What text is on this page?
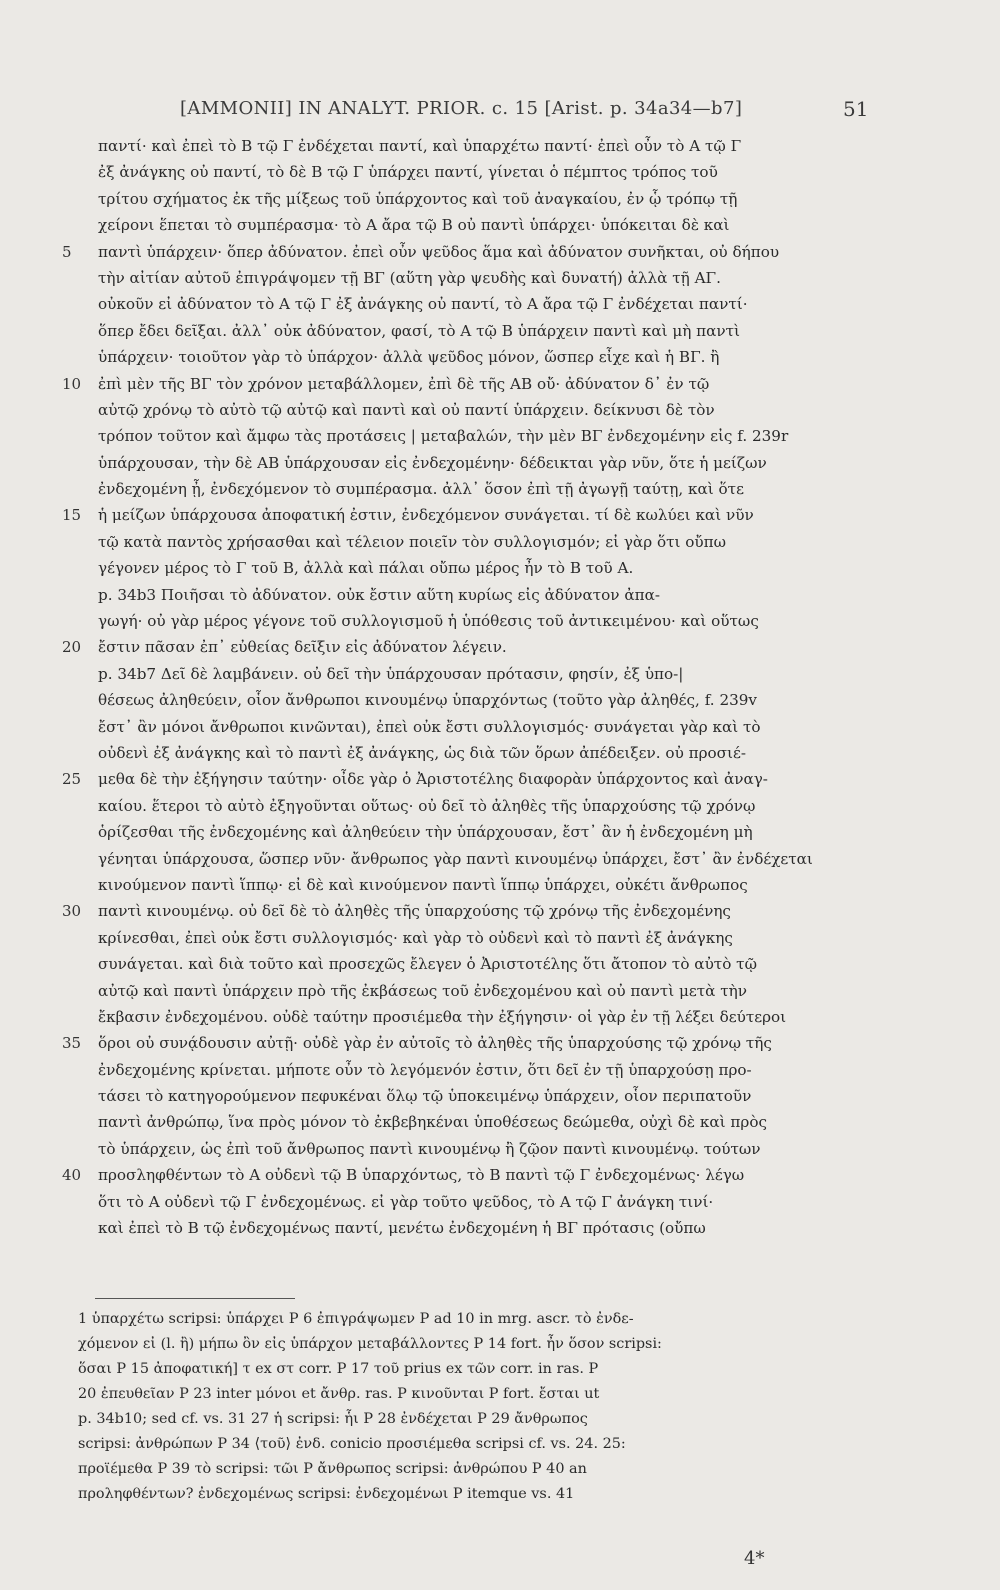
[AMMONII] IN ANALYT. PRIOR. c. 15 [Arist. p. 34a34—b7]	51
παντί· καὶ ἐπεὶ τὸ Β τῷ Γ ἐνδέχεται παντί, καὶ ὑπαρχέτω παντί· ἐπεὶ οὖν τὸ Α τῷ Γ
ἐξ ἀνάγκης οὐ παντί, τὸ δὲ Β τῷ Γ ὑπάρχει παντί, γίνεται ὁ πέμπτος τρόπος τοῦ
τρίτου σχήματος ἐκ τῆς μίξεως τοῦ ὑπάρχοντος καὶ τοῦ ἀναγκαίου, ἐν ᾧ τρόπῳ τῇ
χείρονι ἕπεται τὸ συμπέρασμα· τὸ Α ἄρα τῷ Β οὐ παντὶ ὑπάρχει· ὑπόκειται δὲ καὶ
5 παντὶ ὑπάρχειν· ὅπερ ἀδύνατον. ἐπεὶ οὖν ψεῦδος ἅμα καὶ ἀδύνατον συνῆκται, οὐ δήπου
τὴν αἰτίαν αὐτοῦ ἐπιγράψομεν τῇ ΒΓ (αὕτη γὰρ ψευδὴς καὶ δυνατή) ἀλλὰ τῇ ΑΓ.
οὐκοῦν εἰ ἀδύνατον τὸ Α τῷ Γ ἐξ ἀνάγκης οὐ παντί, τὸ Α ἄρα τῷ Γ ἐνδέχεται παντί·
ὅπερ ἔδει δεῖξαι. ἀλλ᾽ οὐκ ἀδύνατον, φασί, τὸ Α τῷ Β ὑπάρχειν παντὶ καὶ μὴ παντὶ
ὑπάρχειν· τοιοῦτον γὰρ τὸ ὑπάρχον· ἀλλὰ ψεῦδος μόνον, ὥσπερ εἶχε καὶ ἡ ΒΓ. ἢ
10 ἐπὶ μὲν τῆς ΒΓ τὸν χρόνον μεταβάλλομεν, ἐπὶ δὲ τῆς ΑΒ οὔ· ἀδύνατον δ᾽ ἐν τῷ
αὐτῷ χρόνῳ τὸ αὐτὸ τῷ αὐτῷ καὶ παντὶ καὶ οὐ παντί ὑπάρχειν. δείκνυσι δὲ τὸν
τρόπον τοῦτον καὶ ἄμφω τὰς προτάσεις | μεταβαλών, τὴν μὲν ΒΓ ἐνδεχομένην εἰς f. 239r
ὑπάρχουσαν, τὴν δὲ ΑΒ ὑπάρχουσαν εἰς ἐνδεχομένην· δέδεικται γὰρ νῦν, ὅτε ἡ μείζων
ἐνδεχομένη ᾖ, ἐνδεχόμενον τὸ συμπέρασμα. ἀλλ᾽ ὅσον ἐπὶ τῇ ἀγωγῇ ταύτῃ, καὶ ὅτε
15 ἡ μείζων ὑπάρχουσα ἀποφατική ἐστιν, ἐνδεχόμενον συνάγεται. τί δὲ κωλύει καὶ νῦν
τῷ κατὰ παντὸς χρήσασθαι καὶ τέλειον ποιεῖν τὸν συλλογισμόν; εἰ γὰρ ὅτι οὔπω
γέγονεν μέρος τὸ Γ τοῦ Β, ἀλλὰ καὶ πάλαι οὔπω μέρος ἦν τὸ Β τοῦ Α.
p. 34b3 Ποιῆσαι τὸ ἀδύνατον. οὐκ ἔστιν αὕτη κυρίως εἰς ἀδύνατον ἀπα-
γωγή· οὐ γὰρ μέρος γέγονε τοῦ συλλογισμοῦ ἡ ὑπόθεσις τοῦ ἀντικειμένου· καὶ οὕτως
20 ἔστιν πᾶσαν ἐπ᾽ εὐθείας δεῖξιν εἰς ἀδύνατον λέγειν.
p. 34b7 Δεῖ δὲ λαμβάνειν. οὐ δεῖ τὴν ὑπάρχουσαν πρότασιν, φησίν, ἐξ ὑπο-|
θέσεως ἀληθεύειν, οἷον ἄνθρωποι κινουμένῳ ὑπαρχόντως (τοῦτο γὰρ ἀληθές, f. 239v
ἔστ᾽ ἂν μόνοι ἄνθρωποι κινῶνται), ἐπεὶ οὐκ ἔστι συλλογισμός· συνάγεται γὰρ καὶ τὸ
οὐδενὶ ἐξ ἀνάγκης καὶ τὸ παντὶ ἐξ ἀνάγκης, ὡς διὰ τῶν ὅρων ἀπέδειξεν. οὐ προσιέ-
25 μεθα δὲ τὴν ἐξήγησιν ταύτην· οἶδε γὰρ ὁ Ἀριστοτέλης διαφορὰν ὑπάρχοντος καὶ ἀναγ-
καίου. ἕτεροι τὸ αὐτὸ ἐξηγοῦνται οὕτως· οὐ δεῖ τὸ ἀληθὲς τῆς ὑπαρχούσης τῷ χρόνῳ
ὁρίζεσθαι τῆς ἐνδεχομένης καὶ ἀληθεύειν τὴν ὑπάρχουσαν, ἔστ᾽ ἂν ἡ ἐνδεχομένη μὴ
γένηται ὑπάρχουσα, ὥσπερ νῦν· ἄνθρωπος γὰρ παντὶ κινουμένῳ ὑπάρχει, ἔστ᾽ ἂν ἐνδέχεται
κινούμενον παντὶ ἵππῳ· εἰ δὲ καὶ κινούμενον παντὶ ἵππῳ ὑπάρχει, οὐκέτι ἄνθρωπος
30 παντὶ κινουμένῳ. οὐ δεῖ δὲ τὸ ἀληθὲς τῆς ὑπαρχούσης τῷ χρόνῳ τῆς ἐνδεχομένης
κρίνεσθαι, ἐπεὶ οὐκ ἔστι συλλογισμός· καὶ γὰρ τὸ οὐδενὶ καὶ τὸ παντὶ ἐξ ἀνάγκης
συνάγεται. καὶ διὰ τοῦτο καὶ προσεχῶς ἔλεγεν ὁ Ἀριστοτέλης ὅτι ἄτοπον τὸ αὐτὸ τῷ
αὐτῷ καὶ παντὶ ὑπάρχειν πρὸ τῆς ἐκβάσεως τοῦ ἐνδεχομένου καὶ οὐ παντὶ μετὰ τὴν
ἔκβασιν ἐνδεχομένου. οὐδὲ ταύτην προσιέμεθα τὴν ἐξήγησιν· οἱ γὰρ ἐν τῇ λέξει δεύτεροι
35 ὅροι οὐ συνᾴδουσιν αὐτῇ· οὐδὲ γὰρ ἐν αὐτοῖς τὸ ἀληθὲς τῆς ὑπαρχούσης τῷ χρόνῳ τῆς
ἐνδεχομένης κρίνεται. μήποτε οὖν τὸ λεγόμενόν ἐστιν, ὅτι δεῖ ἐν τῇ ὑπαρχούσῃ προ-
τάσει τὸ κατηγορούμενον πεφυκέναι ὅλῳ τῷ ὑποκειμένῳ ὑπάρχειν, οἷον περιπατοῦν
παντὶ ἀνθρώπῳ, ἵνα πρὸς μόνον τὸ ἐκβεβηκέναι ὑποθέσεως δεώμεθα, οὐχὶ δὲ καὶ πρὸς
τὸ ὑπάρχειν, ὡς ἐπὶ τοῦ ἄνθρωπος παντὶ κινουμένῳ ἢ ζῷον παντὶ κινουμένῳ. τούτων
40 προσληφθέντων τὸ Α οὐδενὶ τῷ Β ὑπαρχόντως, τὸ Β παντὶ τῷ Γ ἐνδεχομένως· λέγω
ὅτι τὸ Α οὐδενὶ τῷ Γ ἐνδεχομένως. εἰ γὰρ τοῦτο ψεῦδος, τὸ Α τῷ Γ ἀνάγκη τινί·
καὶ ἐπεὶ τὸ Β τῷ ἐνδεχομένως παντί, μενέτω ἐνδεχομένη ἡ ΒΓ πρότασις (οὔπω
1 ὑπαρχέτω scripsi: ὑπάρχει P 6 ἐπιγράψωμεν P ad 10 in mrg. ascr. τὸ ἐνδε-
χόμενον εἰ (l. ἢ) μήπω ὂν εἰς ὑπάρχον μεταβάλλοντες P 14 fort. ἦν ὅσον scripsi:
ὅσαι P 15 ἀποφατική] τ ex στ corr. P 17 τοῦ prius ex τῶν corr. in ras. P
20 ἐπευθεῖαν P 23 inter μόνοι et ἄνθρ. ras. P κινοῦνται P fort. ἔσται ut
p. 34b10; sed cf. vs. 31 27 ἡ scripsi: ἧι P 28 ἐνδέχεται P 29 ἄνθρωπος
scripsi: ἀνθρώπων P 34 ⟨τοῦ⟩ ἐνδ. conicio προσιέμεθα scripsi cf. vs. 24. 25:
προϊέμεθα P 39 τὸ scripsi: τῶι P ἄνθρωπος scripsi: ἀνθρώπου P 40 an
προληφθέντων? ἐνδεχομένως scripsi: ἐνδεχομένωι P itemque vs. 41
4*
